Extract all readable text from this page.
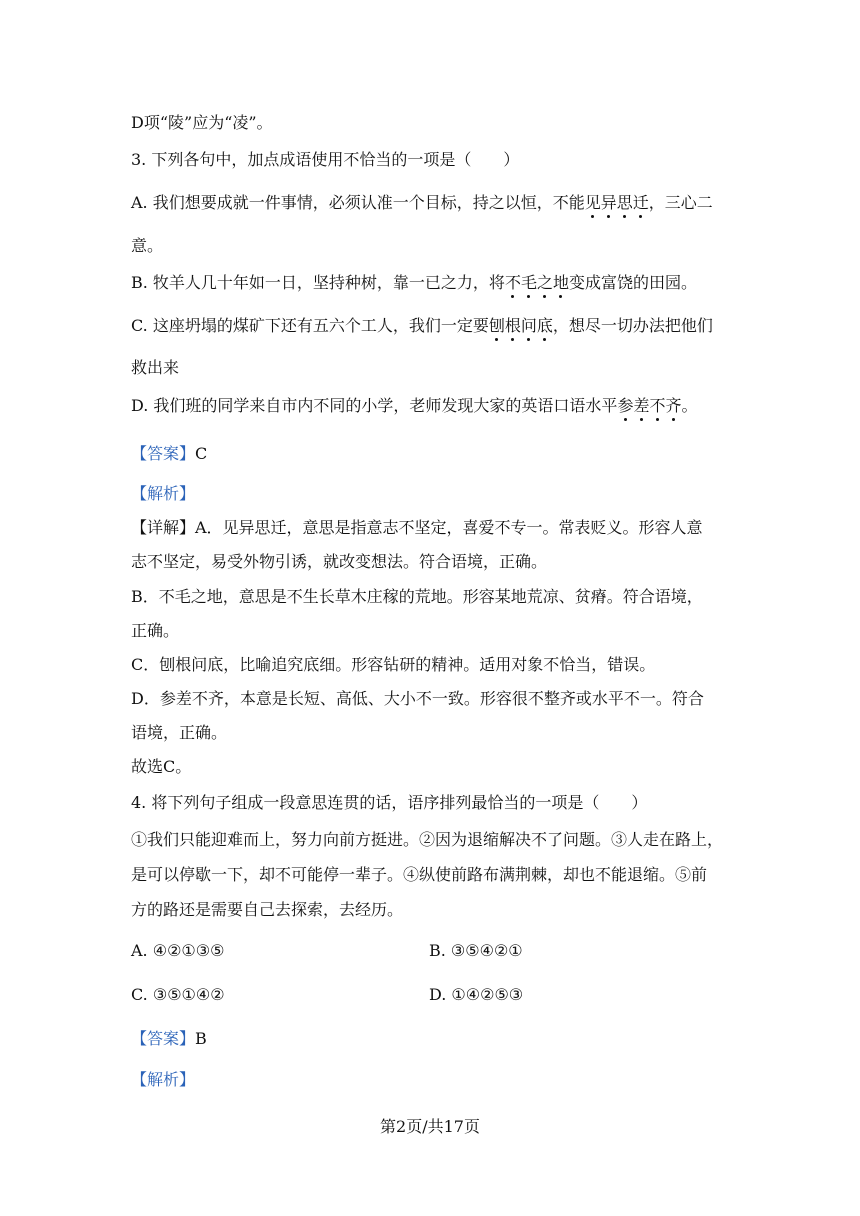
D项“陵”应为“凌”。
3. 下列各句中，加点成语使用不恰当的一项是（　　）
A. 我们想要成就一件事情，必须认准一个目标，持之以恒，不能见异思迁，三心二
意。
B. 牧羊人几十年如一日，坚持种树，靠一已之力，将不毛之地变成富饶的田园。
C. 这座坍塌的煤矿下还有五六个工人，我们一定要刨根问底，想尽一切办法把他们
救出来
D. 我们班的同学来自市内不同的小学，老师发现大家的英语口语水平参差不齐。
【答案】C
【解析】
【详解】A．见异思迁，意思是指意志不坚定，喜爱不专一。常表贬义。形容人意
志不坚定，易受外物引诱，就改变想法。符合语境，正确。
B．不毛之地，意思是不生长草木庄稼的荒地。形容某地荒凉、贫瘠。符合语境，
正确。
C．刨根问底，比喻追究底细。形容钻研的精神。适用对象不恰当，错误。
D．参差不齐，本意是长短、高低、大小不一致。形容很不整齐或水平不一。符合
语境，正确。
故选C。
4. 将下列句子组成一段意思连贯的话，语序排列最恰当的一项是（　　）
①我们只能迎难而上，努力向前方挺进。②因为退缩解决不了问题。③人走在路上，
是可以停歇一下，却不可能停一辈子。④纵使前路布满荆棘，却也不能退缩。⑤前
方的路还是需要自己去探索，去经历。
A. ④②①③⑤	B. ③⑤④②①
C. ③⑤①④②	D. ①④②⑤③
【答案】B
【解析】
第2页/共17页
